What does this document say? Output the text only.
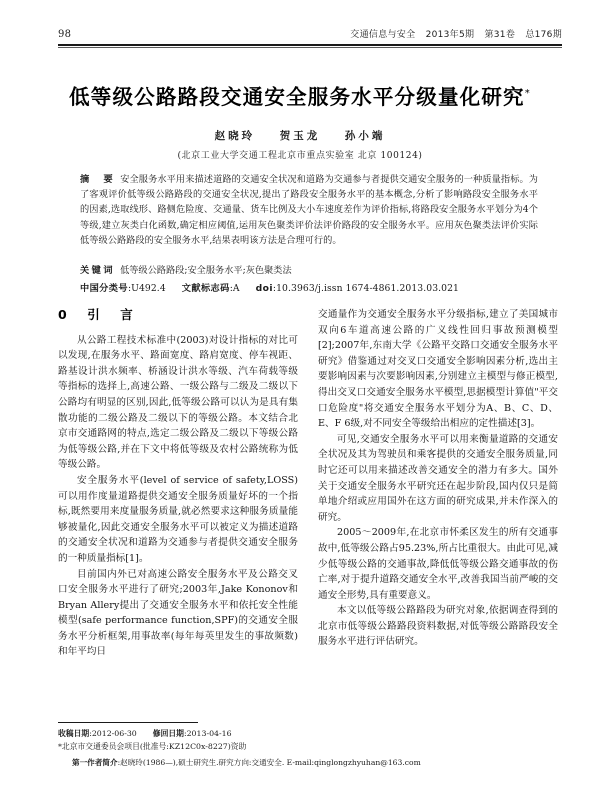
98	交通信息与安全 2013年5期 第31卷 总176期
低等级公路路段交通安全服务水平分级量化研究*
赵晓玲 贺玉龙 孙小端
(北京工业大学交通工程北京市重点实验室 北京 100124)
摘　要 安全服务水平用来描述道路的交通安全状况和道路为交通参与者提供交通安全服务的一种质量指标。为了客观评价低等级公路路段的交通安全状况,提出了路段安全服务水平的基本概念,分析了影响路段安全服务水平的因素,选取线形、路侧危险度、交通量、货车比例及大小车速度差作为评价指标,将路段安全服务水平划分为4个等级,建立灰类白化函数,确定相应阈值,运用灰色聚类评价法评价路段的安全服务水平。应用灰色聚类法评价实际低等级公路路段的安全服务水平,结果表明该方法是合理可行的。
关键词 低等级公路路段;安全服务水平;灰色聚类法
中国分类号:U492.4 文献标志码:A doi:10.3963/j.issn 1674-4861.2013.03.021
0　引　言

从公路工程技术标准中(2003)对设计指标的对比可以发现,在服务水平、路面宽度、路肩宽度、停车视距、路基设计洪水频率、桥涵设计洪水等级、汽车荷载等级等指标的选择上,高速公路、一级公路与二级及二级以下公路均有明显的区别,因此,低等级公路可以认为是具有集散功能的二级公路及二级以下的等级公路。本文结合北京市交通路网的特点,选定二级公路及二级以下等级公路为低等级公路,并在下文中将低等级及农村公路统称为低等级公路。

安全服务水平(level of service of safety,LOSS)可以用作度量道路提供交通安全服务质量好坏的一个指标,既然要用来度量服务质量,就必然要求这种服务质量能够被量化,因此交通安全服务水平可以被定义为描述道路的交通安全状况和道路为交通参与者提供交通安全服务的一种质量指标[1]。

目前国内外已对高速公路安全服务水平及公路交叉口安全服务水平进行了研究;2003年,Jake Kononov和Bryan Allery提出了交通安全服务水平和依托安全性能模型(safe performance function,SPF)的交通安全服务水平分析框架,用事故率(每年每英里发生的事故频数)和年平均日

交通量作为交通安全服务水平分级指标,建立了美国城市双向6车道高速公路的广义线性回归事故预测模型[2];2007年,东南大学《公路平交路口交通安全服务水平研究》借鉴通过对交叉口交通安全影响因素分析,选出主要影响因素与次要影响因素,分别建立主模型与修正模型,得出交叉口交通安全服务水平模型,思据模型计算值"平交口危险度"将交通安全服务水平划分为A、B、C、D、E、F 6级,对不同安全等级给出相应的定性描述[3]。

可见,交通安全服务水平可以用来衡量道路的交通安全状况及其为驾驶员和乘客提供的交通安全服务质量,同时它还可以用来描述改善交通安全的潜力有多大。国外关于交通安全服务水平研究还在起步阶段,国内仅只是简单地介绍或应用国外在这方面的研究成果,并未作深入的研究。

2005～2009年,在北京市怀柔区发生的所有交通事故中,低等级公路占95.23%,所占比重很大。由此可见,减少低等级公路的交通事故,降低低等级公路交通事故的伤亡率,对于提升道路交通安全水平,改善我国当前严峻的交通安全形势,具有重要意义。

本文以低等级公路路段为研究对象,依据调查得到的北京市低等级公路路段资料数据,对低等级公路路段安全服务水平进行评估研究。

收稿日期:2012-06-30 修回日期:2013-04-16
*北京市交通委员会项目(批准号:KZ12C0x-8227)资助
第一作者简介:赵晓玲(1986—),硕士研究生.研究方向:交通安全. E-mail:qinglongzhyuhan@163.com
